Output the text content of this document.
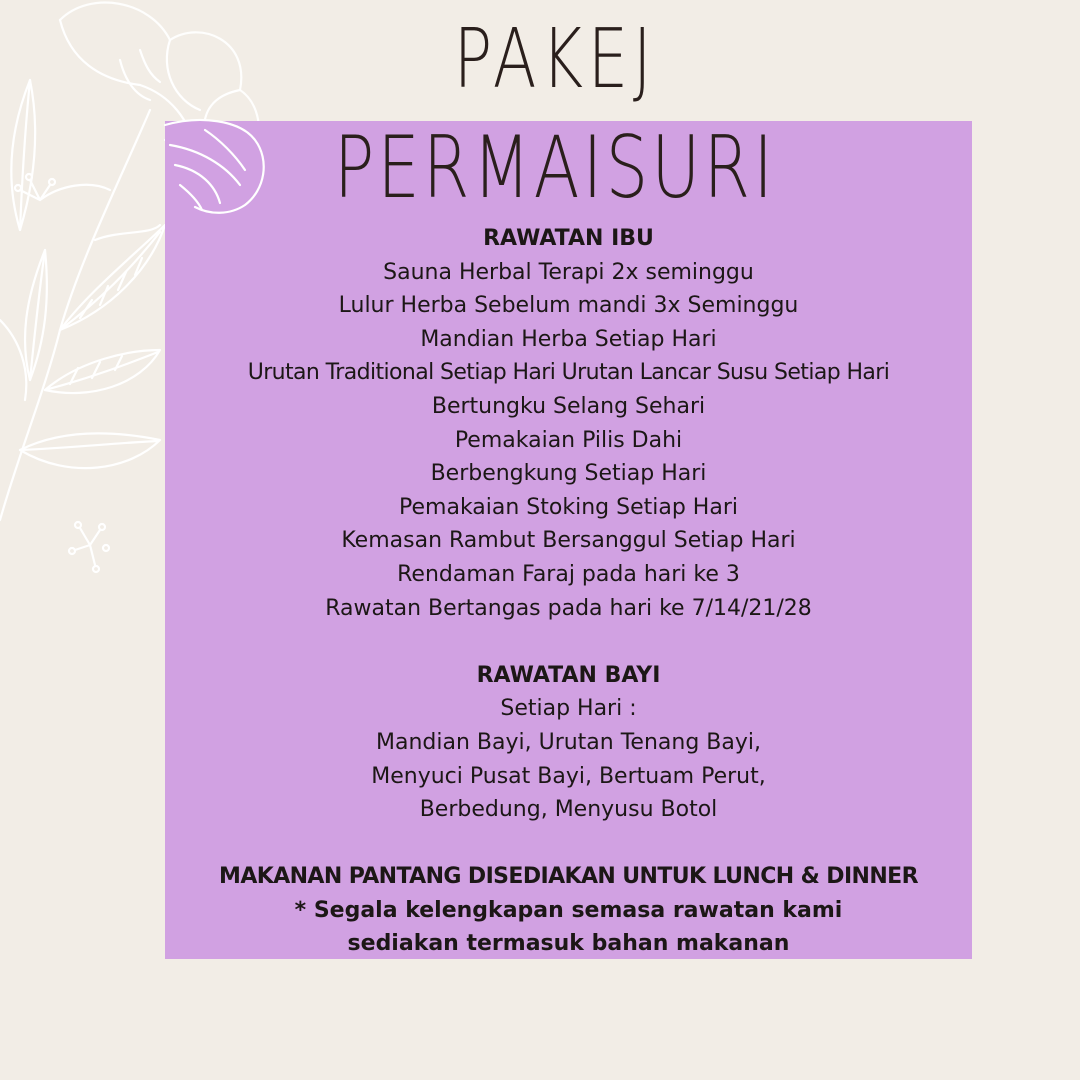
PAKEJ
PERMAISURI
RAWATAN IBU
Sauna Herbal Terapi 2x seminggu
Lulur Herba Sebelum mandi 3x Seminggu
Mandian Herba Setiap Hari
Urutan Traditional Setiap Hari Urutan Lancar Susu Setiap Hari
Bertungku Selang Sehari
Pemakaian Pilis Dahi
Berbengkung Setiap Hari
Pemakaian Stoking Setiap Hari
Kemasan Rambut Bersanggul Setiap Hari
Rendaman Faraj pada hari ke 3
Rawatan Bertangas pada hari ke 7/14/21/28
RAWATAN BAYI
Setiap Hari :
Mandian Bayi, Urutan Tenang Bayi,
Menyuci Pusat Bayi, Bertuam Perut,
Berbedung, Menyusu Botol
MAKANAN PANTANG DISEDIAKAN UNTUK LUNCH & DINNER
* Segala kelengkapan semasa rawatan kami
sediakan termasuk bahan makanan
